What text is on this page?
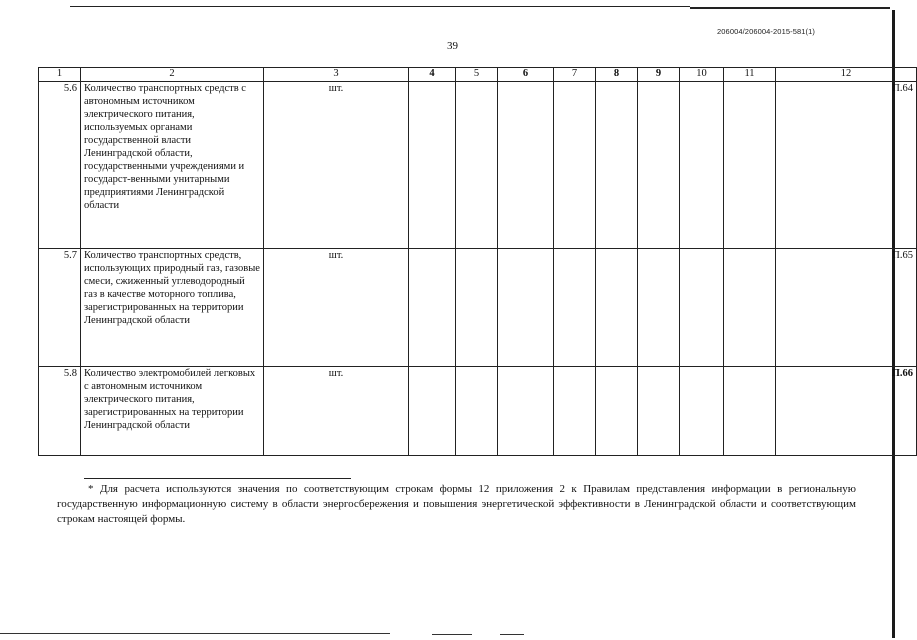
206004/206004-2015-581(1)
39
1	2	3	4	5	6	7	8	9	10	11	12
5.6	Количество транспортных средств с автономным источником электрического питания, используемых органами государственной власти Ленинградской области, государственными учреждениями и государст-венными унитарными предприятиями Ленинградской области	шт.									П.64
5.7	Количество транспортных средств, использующих природный газ, газовые смеси, сжиженный углеводородный газ в качестве моторного топлива, зарегистрированных на территории Ленинградской области	шт.									П.65
5.8	Количество электромобилей легковых с автономным источником электрического питания, зарегистрированных на территории Ленинградской области	шт.									П.66
* Для расчета используются значения по соответствующим строкам формы 12 приложения 2 к Правилам представления информации в региональную государственную информационную систему в области энергосбережения и повышения энергетической эффективности в Ленинградской области и соответствующим строкам настоящей формы.
